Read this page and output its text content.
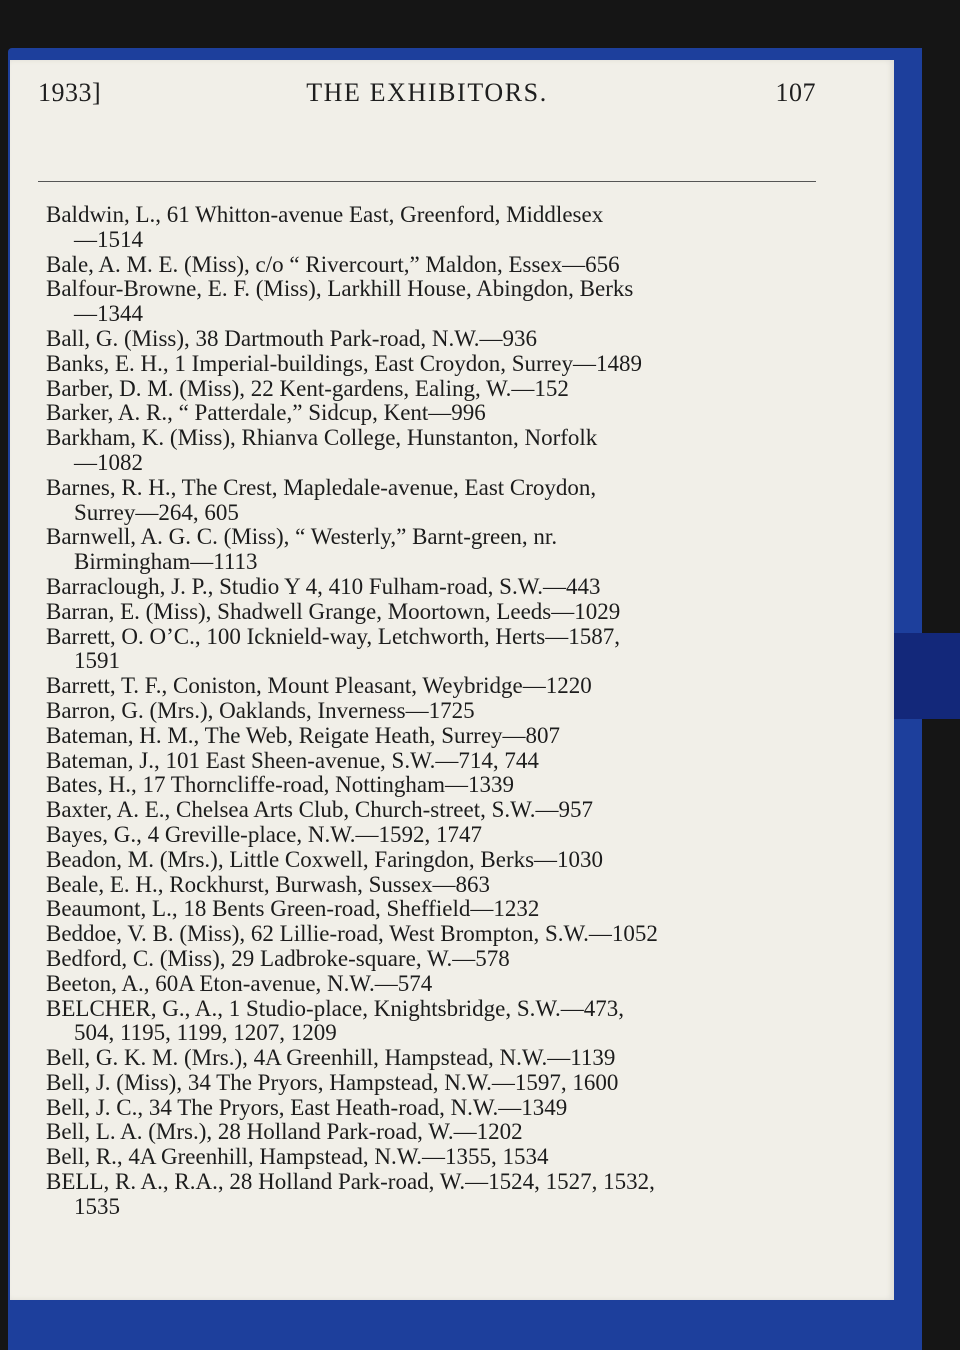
1933]	THE EXHIBITORS.	107
Baldwin, L., 61 Whitton-avenue East, Greenford, Middlesex
—1514
Bale, A. M. E. (Miss), c/o “ Rivercourt,” Maldon, Essex—656
Balfour-Browne, E. F. (Miss), Larkhill House, Abingdon, Berks
—1344
Ball, G. (Miss), 38 Dartmouth Park-road, N.W.—936
Banks, E. H., 1 Imperial-buildings, East Croydon, Surrey—1489
Barber, D. M. (Miss), 22 Kent-gardens, Ealing, W.—152
Barker, A. R., “ Patterdale,” Sidcup, Kent—996
Barkham, K. (Miss), Rhianva College, Hunstanton, Norfolk
—1082
Barnes, R. H., The Crest, Mapledale-avenue, East Croydon,
Surrey—264, 605
Barnwell, A. G. C. (Miss), “ Westerly,” Barnt-green, nr.
Birmingham—1113
Barraclough, J. P., Studio Y 4, 410 Fulham-road, S.W.—443
Barran, E. (Miss), Shadwell Grange, Moortown, Leeds—1029
Barrett, O. O’C., 100 Icknield-way, Letchworth, Herts—1587,
1591
Barrett, T. F., Coniston, Mount Pleasant, Weybridge—1220
Barron, G. (Mrs.), Oaklands, Inverness—1725
Bateman, H. M., The Web, Reigate Heath, Surrey—807
Bateman, J., 101 East Sheen-avenue, S.W.—714, 744
Bates, H., 17 Thorncliffe-road, Nottingham—1339
Baxter, A. E., Chelsea Arts Club, Church-street, S.W.—957
Bayes, G., 4 Greville-place, N.W.—1592, 1747
Beadon, M. (Mrs.), Little Coxwell, Faringdon, Berks—1030
Beale, E. H., Rockhurst, Burwash, Sussex—863
Beaumont, L., 18 Bents Green-road, Sheffield—1232
Beddoe, V. B. (Miss), 62 Lillie-road, West Brompton, S.W.—1052
Bedford, C. (Miss), 29 Ladbroke-square, W.—578
Beeton, A., 60A Eton-avenue, N.W.—574
BELCHER, G., A., 1 Studio-place, Knightsbridge, S.W.—473,
504, 1195, 1199, 1207, 1209
Bell, G. K. M. (Mrs.), 4A Greenhill, Hampstead, N.W.—1139
Bell, J. (Miss), 34 The Pryors, Hampstead, N.W.—1597, 1600
Bell, J. C., 34 The Pryors, East Heath-road, N.W.—1349
Bell, L. A. (Mrs.), 28 Holland Park-road, W.—1202
Bell, R., 4A Greenhill, Hampstead, N.W.—1355, 1534
BELL, R. A., R.A., 28 Holland Park-road, W.—1524, 1527, 1532,
1535
